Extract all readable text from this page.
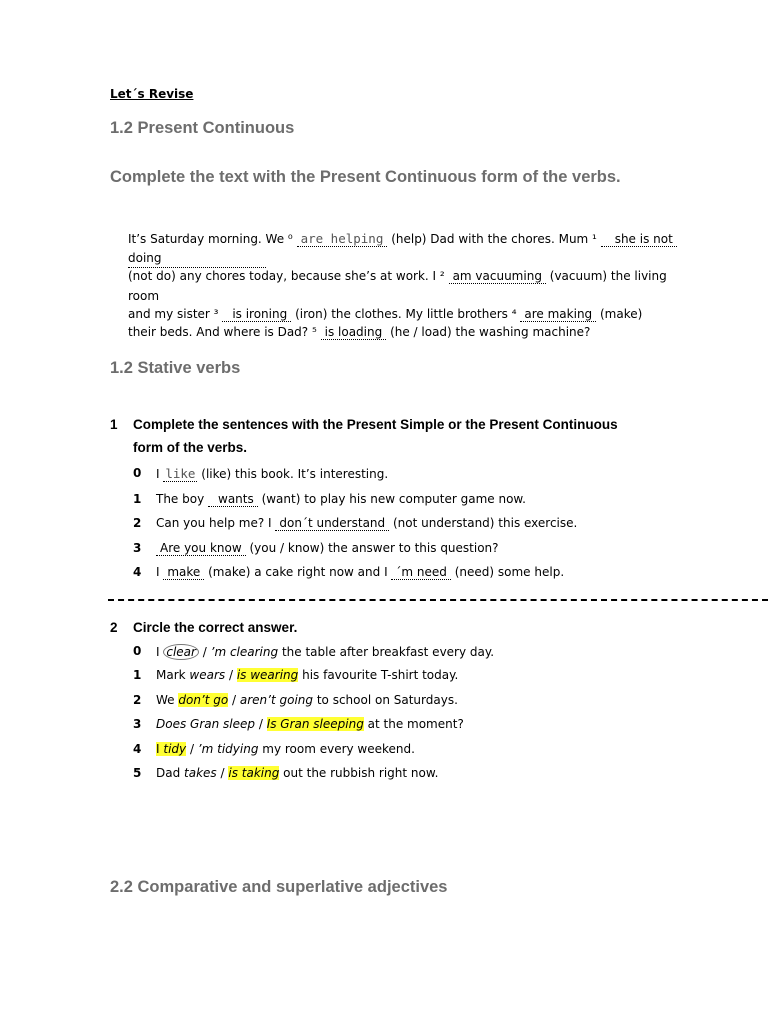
Let´s Revise
1.2 Present Continuous
Complete the text with the Present Continuous form of the verbs.
It’s Saturday morning. We ⁰ are helping (help) Dad with the chores. Mum ¹ she is not
doing

(not do) any chores today, because she’s at work. I ² am vacuuming (vacuum) the living
room
and my sister ³ is ironing (iron) the clothes. My little brothers ⁴ are making (make)
their beds. And where is Dad? ⁵ is loading (he / load) the washing machine?
1.2 Stative verbs
1 Complete the sentences with the Present Simple or the Present Continuous
form of the verbs.
0 I like (like) this book. It’s interesting.
1 The boy wants (want) to play his new computer game now.
2 Can you help me? I don´t understand (not understand) this exercise.
3	Are you know (you / know) the answer to this question?
4 I make (make) a cake right now and I ´m need (need) some help.
2 Circle the correct answer.
0 I clear / ’m clearing the table after breakfast every day.
1 Mark wears / is wearing his favourite T-shirt today.
2 We don’t go / aren’t going to school on Saturdays.
3 Does Gran sleep / Is Gran sleeping at the moment?
4 I tidy / ’m tidying my room every weekend.
5 Dad takes / is taking out the rubbish right now.
2.2 Comparative and superlative adjectives
